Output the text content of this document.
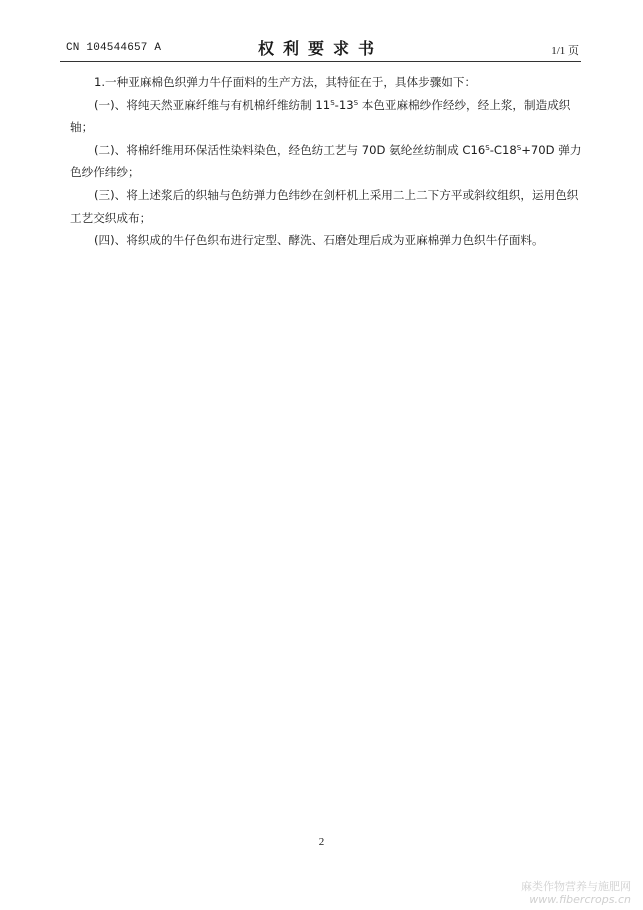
CN 104544657 A	权利要求书	1/1 页

1.一种亚麻棉色织弹力牛仔面料的生产方法，其特征在于，具体步骤如下：

(一)、将纯天然亚麻纤维与有机棉纤维纺制 $11^S-13^S$ 本色亚麻棉纱作经纱，经上浆，制造成织轴；

(二)、将棉纤维用环保活性染料染色，经色纺工艺与 70D 氨纶丝纺制成 $C16^S-C18^S+70D$ 弹力色纱作纬纱；

(三)、将上述浆后的织轴与色纺弹力色纬纱在剑杆机上采用二上二下方平或斜纹组织，运用色织工艺交织成布；

(四)、将织成的牛仔色织布进行定型、酵洗、石磨处理后成为亚麻棉弹力色织牛仔面料。

2
麻类作物营养与施肥网
www.fibercrops.cn
